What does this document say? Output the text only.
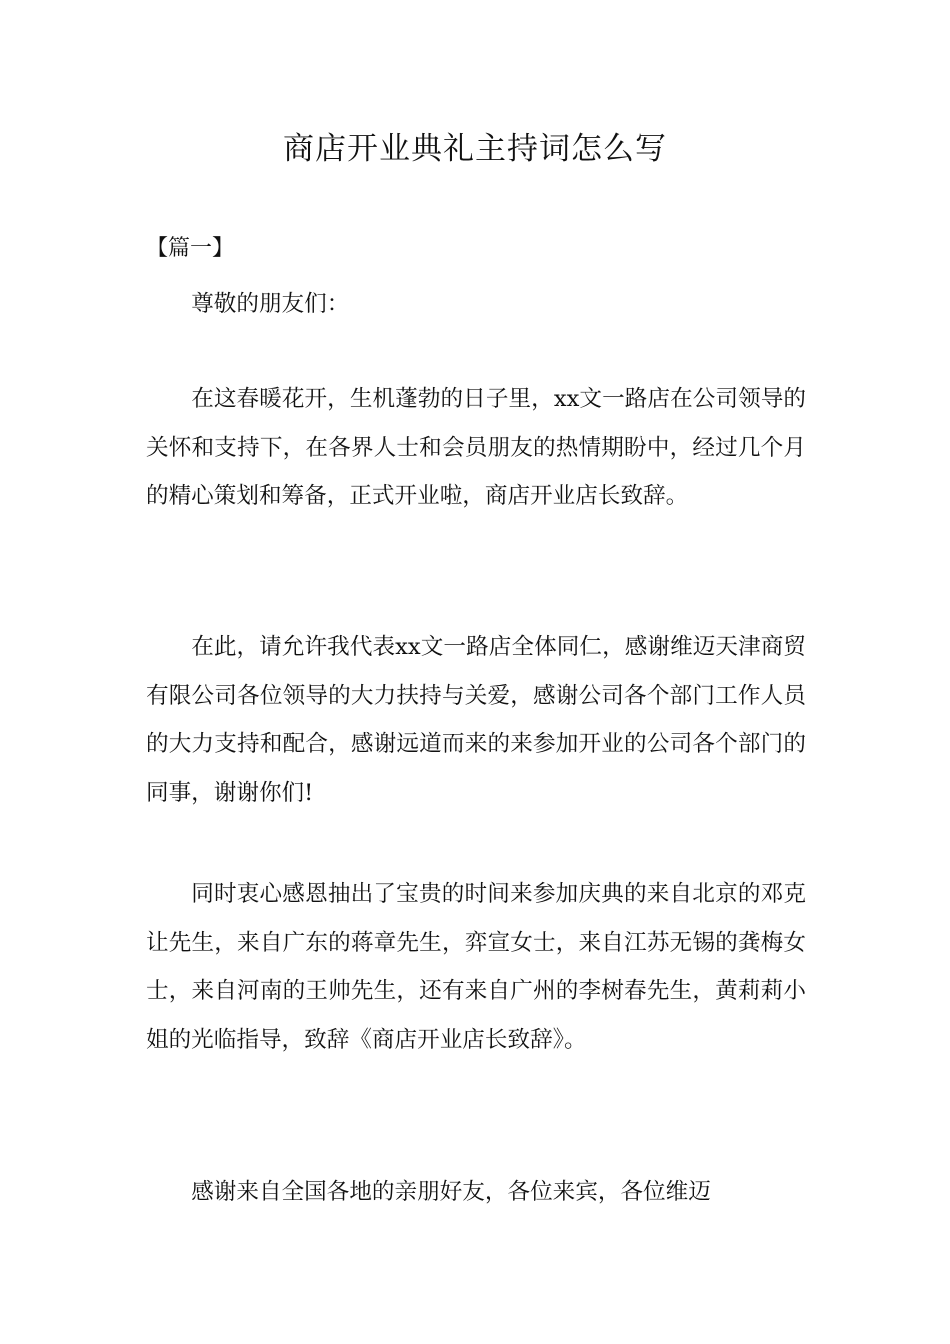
商店开业典礼主持词怎么写

【篇一】

尊敬的朋友们：

在这春暖花开，生机蓬勃的日子里，xx文一路店在公司领导的关怀和支持下，在各界人士和会员朋友的热情期盼中，经过几个月的精心策划和筹备，正式开业啦，商店开业店长致辞。

在此，请允许我代表xx文一路店全体同仁，感谢维迈天津商贸有限公司各位领导的大力扶持与关爱，感谢公司各个部门工作人员的大力支持和配合，感谢远道而来的来参加开业的公司各个部门的同事，谢谢你们!

同时衷心感恩抽出了宝贵的时间来参加庆典的来自北京的邓克让先生，来自广东的蒋章先生，弈宣女士，来自江苏无锡的龚梅女士，来自河南的王帅先生，还有来自广州的李树春先生，黄莉莉小姐的光临指导，致辞《商店开业店长致辞》。

感谢来自全国各地的亲朋好友，各位来宾，各位维迈
